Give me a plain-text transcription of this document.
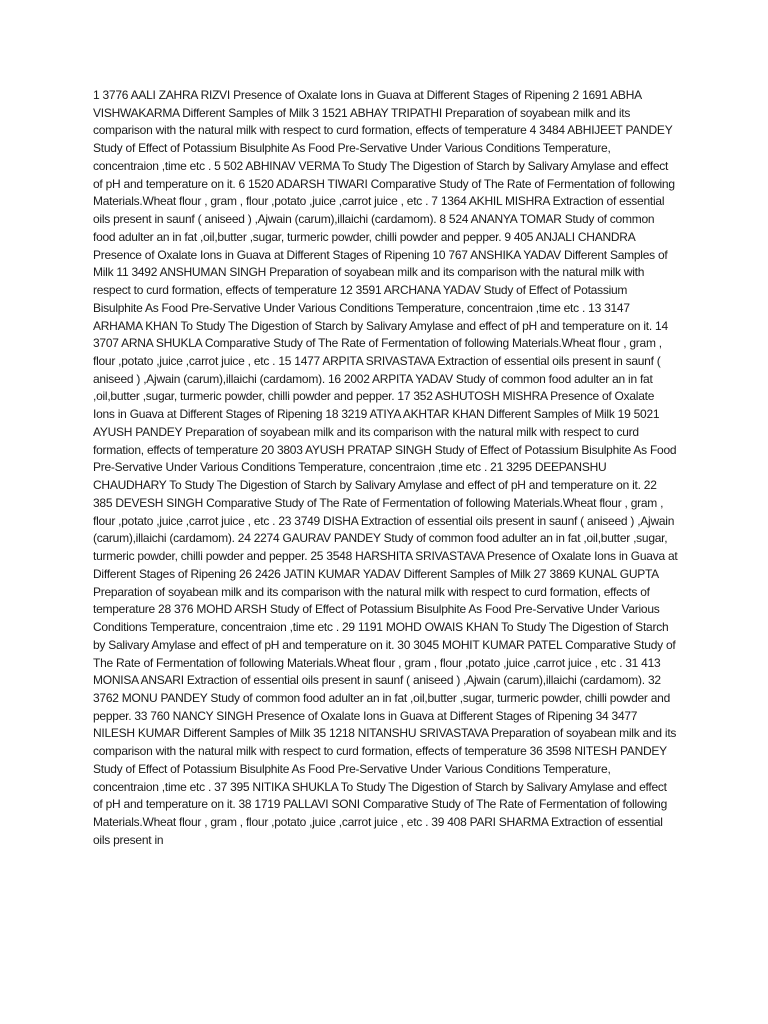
1 3776 AALI ZAHRA RIZVI Presence of Oxalate Ions in Guava at Different Stages of Ripening 2 1691 ABHA VISHWAKARMA Different Samples of Milk 3 1521 ABHAY TRIPATHI Preparation of soyabean milk and its comparison with the natural milk with respect to curd formation, effects of temperature 4 3484 ABHIJEET PANDEY Study of Effect of Potassium Bisulphite As Food Pre-Servative Under Various Conditions Temperature, concentraion ,time etc . 5 502 ABHINAV VERMA To Study The Digestion of Starch by Salivary Amylase and effect of pH and temperature on it. 6 1520 ADARSH TIWARI Comparative Study of The Rate of Fermentation of following Materials.Wheat flour , gram , flour ,potato ,juice ,carrot juice , etc . 7 1364 AKHIL MISHRA Extraction of essential oils present in saunf ( aniseed ) ,Ajwain (carum),illaichi (cardamom). 8 524 ANANYA TOMAR Study of common food adulter an in fat ,oil,butter ,sugar, turmeric powder, chilli powder and pepper. 9 405 ANJALI CHANDRA Presence of Oxalate Ions in Guava at Different Stages of Ripening 10 767 ANSHIKA YADAV Different Samples of Milk 11 3492 ANSHUMAN SINGH Preparation of soyabean milk and its comparison with the natural milk with respect to curd formation, effects of temperature 12 3591 ARCHANA YADAV Study of Effect of Potassium Bisulphite As Food Pre-Servative Under Various Conditions Temperature, concentraion ,time etc . 13 3147 ARHAMA KHAN To Study The Digestion of Starch by Salivary Amylase and effect of pH and temperature on it. 14 3707 ARNA SHUKLA Comparative Study of The Rate of Fermentation of following Materials.Wheat flour , gram , flour ,potato ,juice ,carrot juice , etc . 15 1477 ARPITA SRIVASTAVA Extraction of essential oils present in saunf ( aniseed ) ,Ajwain (carum),illaichi (cardamom). 16 2002 ARPITA YADAV Study of common food adulter an in fat ,oil,butter ,sugar, turmeric powder, chilli powder and pepper. 17 352 ASHUTOSH MISHRA Presence of Oxalate Ions in Guava at Different Stages of Ripening 18 3219 ATIYA AKHTAR KHAN Different Samples of Milk 19 5021 AYUSH PANDEY Preparation of soyabean milk and its comparison with the natural milk with respect to curd formation, effects of temperature 20 3803 AYUSH PRATAP SINGH Study of Effect of Potassium Bisulphite As Food Pre-Servative Under Various Conditions Temperature, concentraion ,time etc . 21 3295 DEEPANSHU CHAUDHARY To Study The Digestion of Starch by Salivary Amylase and effect of pH and temperature on it. 22 385 DEVESH SINGH Comparative Study of The Rate of Fermentation of following Materials.Wheat flour , gram , flour ,potato ,juice ,carrot juice , etc . 23 3749 DISHA Extraction of essential oils present in saunf ( aniseed ) ,Ajwain (carum),illaichi (cardamom). 24 2274 GAURAV PANDEY Study of common food adulter an in fat ,oil,butter ,sugar, turmeric powder, chilli powder and pepper. 25 3548 HARSHITA SRIVASTAVA Presence of Oxalate Ions in Guava at Different Stages of Ripening 26 2426 JATIN KUMAR YADAV Different Samples of Milk 27 3869 KUNAL GUPTA Preparation of soyabean milk and its comparison with the natural milk with respect to curd formation, effects of temperature 28 376 MOHD ARSH Study of Effect of Potassium Bisulphite As Food Pre-Servative Under Various Conditions Temperature, concentraion ,time etc . 29 1191 MOHD OWAIS KHAN To Study The Digestion of Starch by Salivary Amylase and effect of pH and temperature on it. 30 3045 MOHIT KUMAR PATEL Comparative Study of The Rate of Fermentation of following Materials.Wheat flour , gram , flour ,potato ,juice ,carrot juice , etc . 31 413 MONISA ANSARI Extraction of essential oils present in saunf ( aniseed ) ,Ajwain (carum),illaichi (cardamom). 32 3762 MONU PANDEY Study of common food adulter an in fat ,oil,butter ,sugar, turmeric powder, chilli powder and pepper. 33 760 NANCY SINGH Presence of Oxalate Ions in Guava at Different Stages of Ripening 34 3477 NILESH KUMAR Different Samples of Milk 35 1218 NITANSHU SRIVASTAVA Preparation of soyabean milk and its comparison with the natural milk with respect to curd formation, effects of temperature 36 3598 NITESH PANDEY Study of Effect of Potassium Bisulphite As Food Pre-Servative Under Various Conditions Temperature, concentraion ,time etc . 37 395 NITIKA SHUKLA To Study The Digestion of Starch by Salivary Amylase and effect of pH and temperature on it. 38 1719 PALLAVI SONI Comparative Study of The Rate of Fermentation of following Materials.Wheat flour , gram , flour ,potato ,juice ,carrot juice , etc . 39 408 PARI SHARMA Extraction of essential oils present in
